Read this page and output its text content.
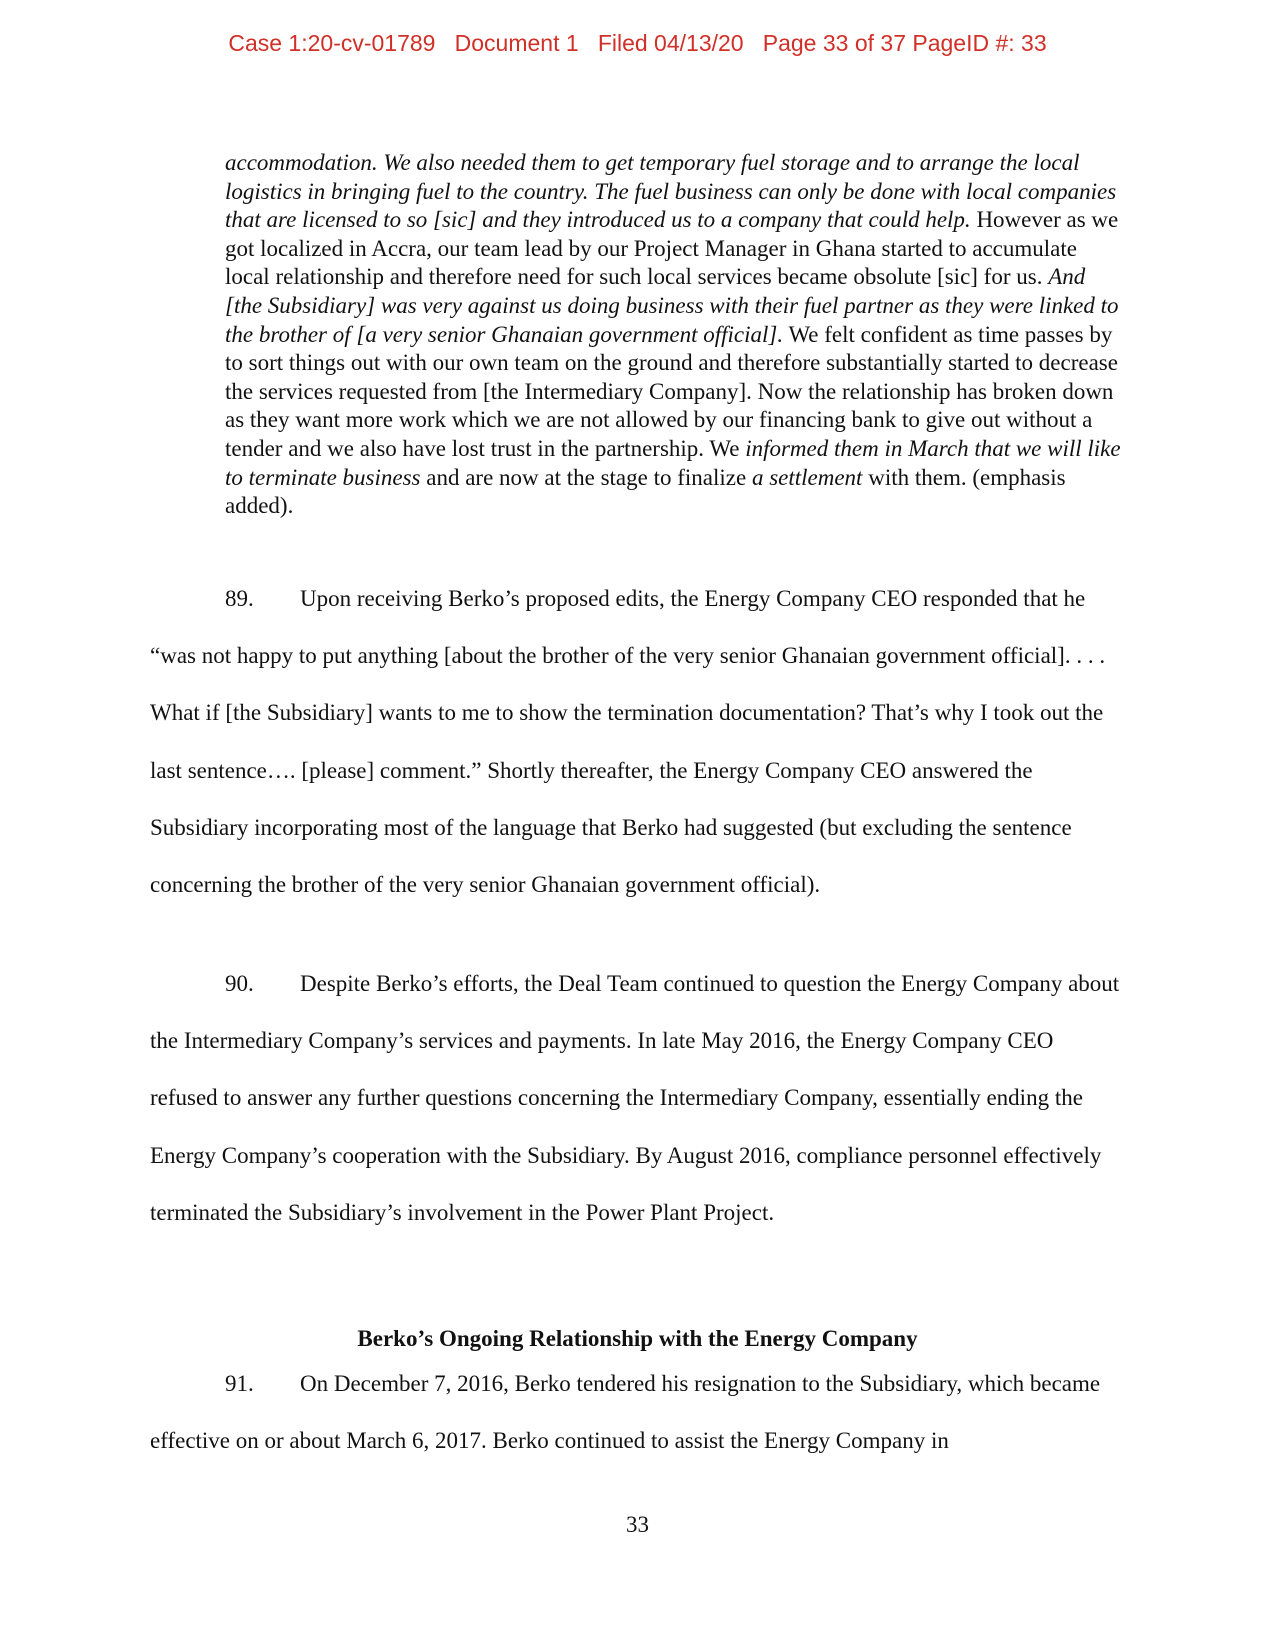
Case 1:20-cv-01789   Document 1   Filed 04/13/20   Page 33 of 37 PageID #: 33
accommodation. We also needed them to get temporary fuel storage and to arrange the local logistics in bringing fuel to the country. The fuel business can only be done with local companies that are licensed to so [sic] and they introduced us to a company that could help. However as we got localized in Accra, our team lead by our Project Manager in Ghana started to accumulate local relationship and therefore need for such local services became obsolute [sic] for us. And [the Subsidiary] was very against us doing business with their fuel partner as they were linked to the brother of [a very senior Ghanaian government official]. We felt confident as time passes by to sort things out with our own team on the ground and therefore substantially started to decrease the services requested from [the Intermediary Company]. Now the relationship has broken down as they want more work which we are not allowed by our financing bank to give out without a tender and we also have lost trust in the partnership. We informed them in March that we will like to terminate business and are now at the stage to finalize a settlement with them. (emphasis added).

89. Upon receiving Berko’s proposed edits, the Energy Company CEO responded that he “was not happy to put anything [about the brother of the very senior Ghanaian government official]. . . . What if [the Subsidiary] wants to me to show the termination documentation? That’s why I took out the last sentence…. [please] comment.” Shortly thereafter, the Energy Company CEO answered the Subsidiary incorporating most of the language that Berko had suggested (but excluding the sentence concerning the brother of the very senior Ghanaian government official).

90. Despite Berko’s efforts, the Deal Team continued to question the Energy Company about the Intermediary Company’s services and payments. In late May 2016, the Energy Company CEO refused to answer any further questions concerning the Intermediary Company, essentially ending the Energy Company’s cooperation with the Subsidiary. By August 2016, compliance personnel effectively terminated the Subsidiary’s involvement in the Power Plant Project.

Berko’s Ongoing Relationship with the Energy Company

91. On December 7, 2016, Berko tendered his resignation to the Subsidiary, which became effective on or about March 6, 2017. Berko continued to assist the Energy Company in

33
